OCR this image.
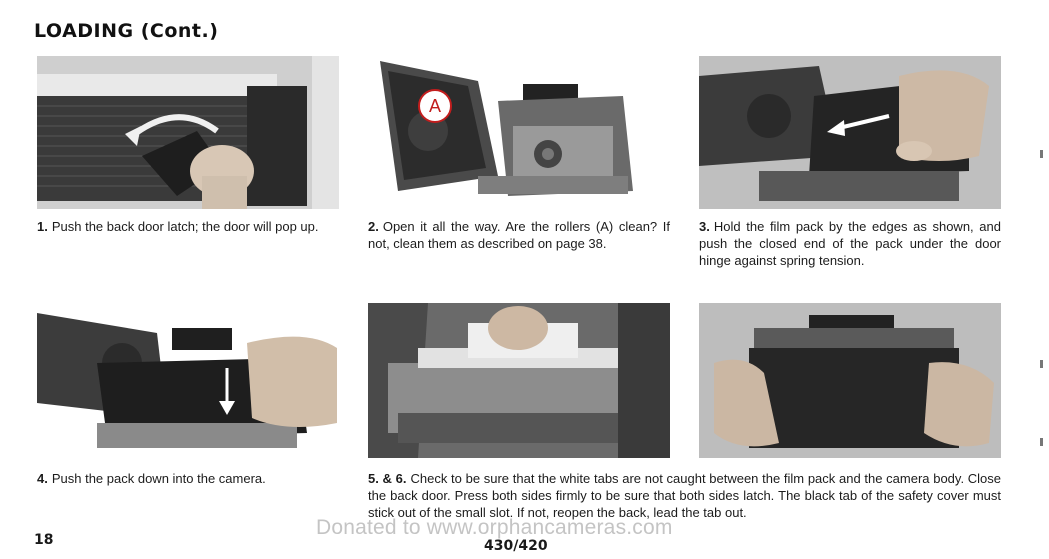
LOADING (Cont.)
1. Push the back door latch; the door will pop up.
A
2. Open it all the way. Are the rollers (A) clean? If not, clean them as described on page 38.
3. Hold the film pack by the edges as shown, and push the closed end of the pack under the door hinge against spring tension.
4. Push the pack down into the camera.	5. & 6. Check to be sure that the white tabs are not caught between the film pack and the camera body. Close the back door. Press both sides firmly to be sure that both sides latch. The black tab of the safety cover must stick out of the small slot. If not, reopen the back, lead the tab out.
Donated to www.orphancameras.com
18	430/420
